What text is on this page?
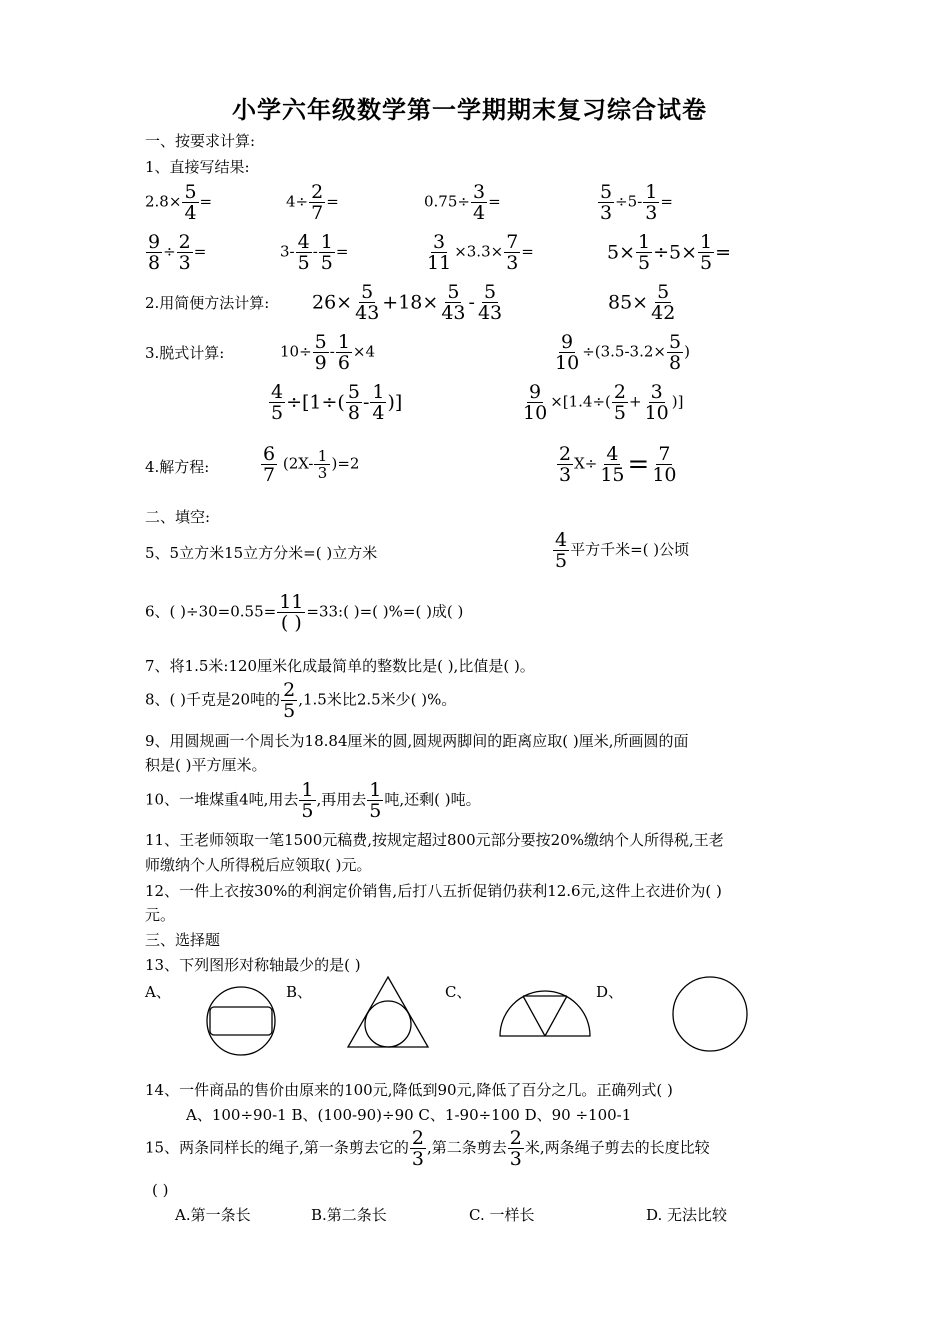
小学六年级数学第一学期期末复习综合试卷
一、按要求计算:
1、直接写结果:
$2.8\times \frac{5}{4}$ =	$4\div \frac{2}{7}$ =	$0.75\div \frac{3}{4}$ =	$\frac{5}{3} \div 5- \frac{1}{3}$ =
$\frac{9}{8} \div \frac{2}{3}$ =	$3- \frac{4}{5} - \frac{1}{5}$ =	$\frac{3}{11} \times 3.3\times \frac{7}{3}$ =	$5\times \frac{1}{5} \div 5\times \frac{1}{5}$ =
2.用简便方法计算: $26\times \frac{5}{43} +18\times \frac{5}{43} - \frac{5}{43}$	$85\times \frac{5}{42}$
3.脱式计算:	$10\div \frac{5}{9} - \frac{1}{6} \times 4$	$\frac{9}{10} \div(3.5-3.2\times \frac{5}{8}$ )
$\frac{4}{5} \div[1\div( \frac{5}{8} - \frac{1}{4}$ )]	$\frac{9}{10} \times[1.4\div( \frac{2}{5} + \frac{3}{10}$ )]
4.解方程:	$\frac{6}{7} (2X- \frac{1}{3} )=2$	$\frac{2}{3} X\div \frac{4}{15} = \frac{7}{10}$
二、填空:
5、5立方米15立方分米=( )立方米	$\frac{4}{5}$ 平方千米=( )公顷
6、( )÷30=0.55= 11
( )
=33:( )=( )%=( )成( )
7、将1.5米:120厘米化成最简单的整数比是( ),比值是( )。
8、( )千克是20吨的 $\frac{2}{5} ,1.5$米比2.5米少( )%。
9、用圆规画一个周长为18.84厘米的圆,圆规两脚间的距离应取( )厘米,所画圆的面
积是( )平方厘米。
10、一堆煤重4吨,用去 $\frac{1}{5}$ ,再用去 $\frac{1}{5}$ 吨,还剩( )吨。
11、王老师领取一笔1500元稿费,按规定超过800元部分要按20%缴纳个人所得税,王老
师缴纳个人所得税后应领取( )元。
12、一件上衣按30%的利润定价销售,后打八五折促销仍获利12.6元,这件上衣进价为( )
元。
三、选择题
13、下列图形对称轴最少的是( )
A、	B、	C、	D、
14、一件商品的售价由原来的100元,降低到90元,降低了百分之几。正确列式( )
A、100÷90-1 B、(100-90)÷90 C、1-90÷100 D、90 ÷100-1
15、两条同样长的绳子,第一条剪去它的 $\frac{2}{3}$ ,第二条剪去 $\frac{2}{3}$ 米,两条绳子剪去的长度比较
( )
A.第一条长	B.第二条长	C. 一样长	D. 无法比较
